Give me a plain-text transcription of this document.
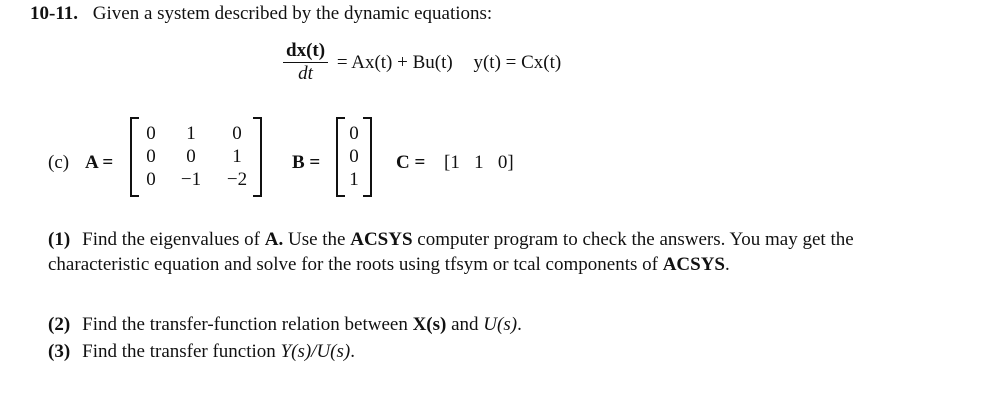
10-11. Given a system described by the dynamic equations:
$\frac{dx(t)}{dt} = Ax(t) + Bu(t) y(t) = Cx(t)$
(c) A =
0	1	0
0	0	1
0	−1 −2
B =
0
0
1
C = [1   1   0]
(1) Find the eigenvalues of A. Use the ACSYS computer program to check the answers. You may get the characteristic equation and solve for the roots using tfsym or tcal components of ACSYS.
(2) Find the transfer-function relation between X(s) and U(s).
(3) Find the transfer function Y(s)/U(s).
